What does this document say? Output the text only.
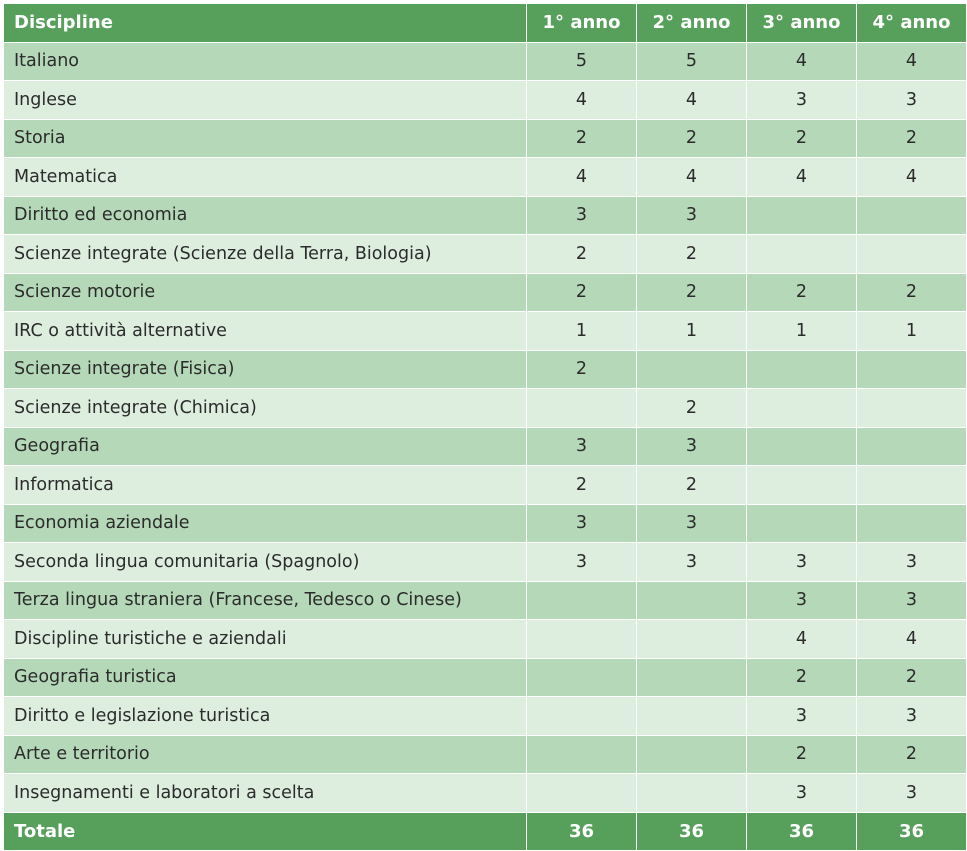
Discipline	1° anno	2° anno	3° anno	4° anno
Italiano	5	5	4	4
Inglese	4	4	3	3
Storia	2	2	2	2
Matematica	4	4	4	4
Diritto ed economia	3	3		
Scienze integrate (Scienze della Terra, Biologia)	2	2		
Scienze motorie	2	2	2	2
IRC o attività alternative	1	1	1	1
Scienze integrate (Fisica)	2			
Scienze integrate (Chimica)		2		
Geografia	3	3		
Informatica	2	2		
Economia aziendale	3	3		
Seconda lingua comunitaria (Spagnolo)	3	3	3	3
Terza lingua straniera (Francese, Tedesco o Cinese)			3	3
Discipline turistiche e aziendali			4	4
Geografia turistica			2	2
Diritto e legislazione turistica			3	3
Arte e territorio			2	2
Insegnamenti e laboratori a scelta			3	3
Totale	36	36	36	36
